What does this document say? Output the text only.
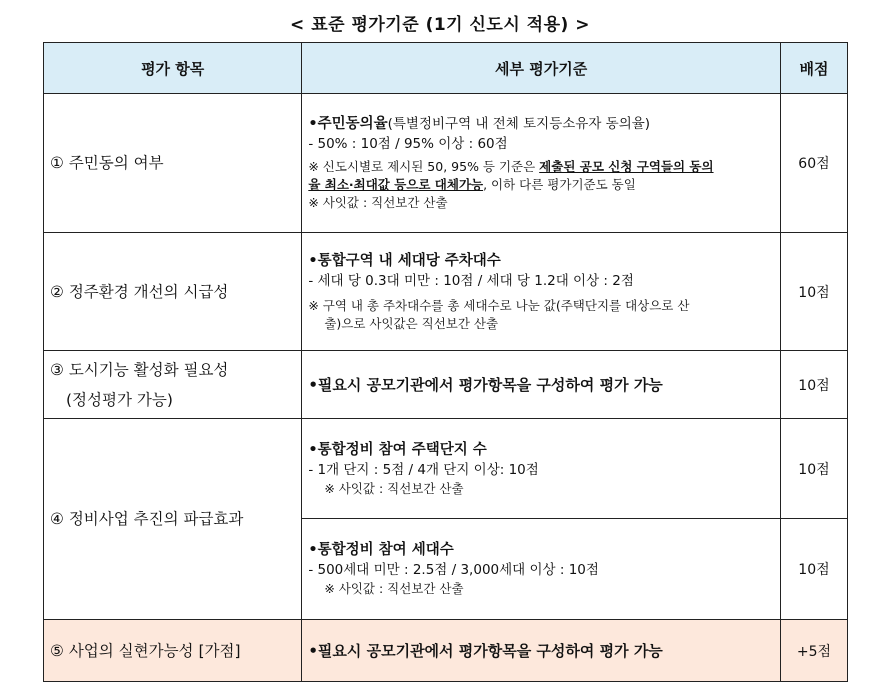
< 표준 평가기준 (1기 신도시 적용) >
평가 항목	세부 평가기준	배점
① 주민동의 여부	•주민동의율(특별정비구역 내 전체 토지등소유자 동의율)
- 50% : 10점 / 95% 이상 : 60점
※ 신도시별로 제시된 50, 95% 등 기준은 제출된 공모 신청 구역들의 동의
율 최소·최대값 등으로 대체가능, 이하 다른 평가기준도 동일
※ 사잇값 : 직선보간 산출	60점
② 정주환경 개선의 시급성	•통합구역 내 세대당 주차대수
- 세대 당 0.3대 미만 : 10점 / 세대 당 1.2대 이상 : 2점
※ 구역 내 총 주차대수를 총 세대수로 나눈 값(주택단지를 대상으로 산
출)으로 사잇값은 직선보간 산출	10점

③ 도시기능 활성화 필요성
(정성평가 가능)	•필요시 공모기관에서 평가항목을 구성하여 평가 가능	10점
④ 정비사업 추진의 파급효과	•통합정비 참여 주택단지 수
- 1개 단지 : 5점 / 4개 단지 이상: 10점
※ 사잇값 : 직선보간 산출	10점

	•통합정비 참여 세대수
- 500세대 미만 : 2.5점 / 3,000세대 이상 : 10점
※ 사잇값 : 직선보간 산출	10점
⑤ 사업의 실현가능성 [가점]	•필요시 공모기관에서 평가항목을 구성하여 평가 가능	+5점
